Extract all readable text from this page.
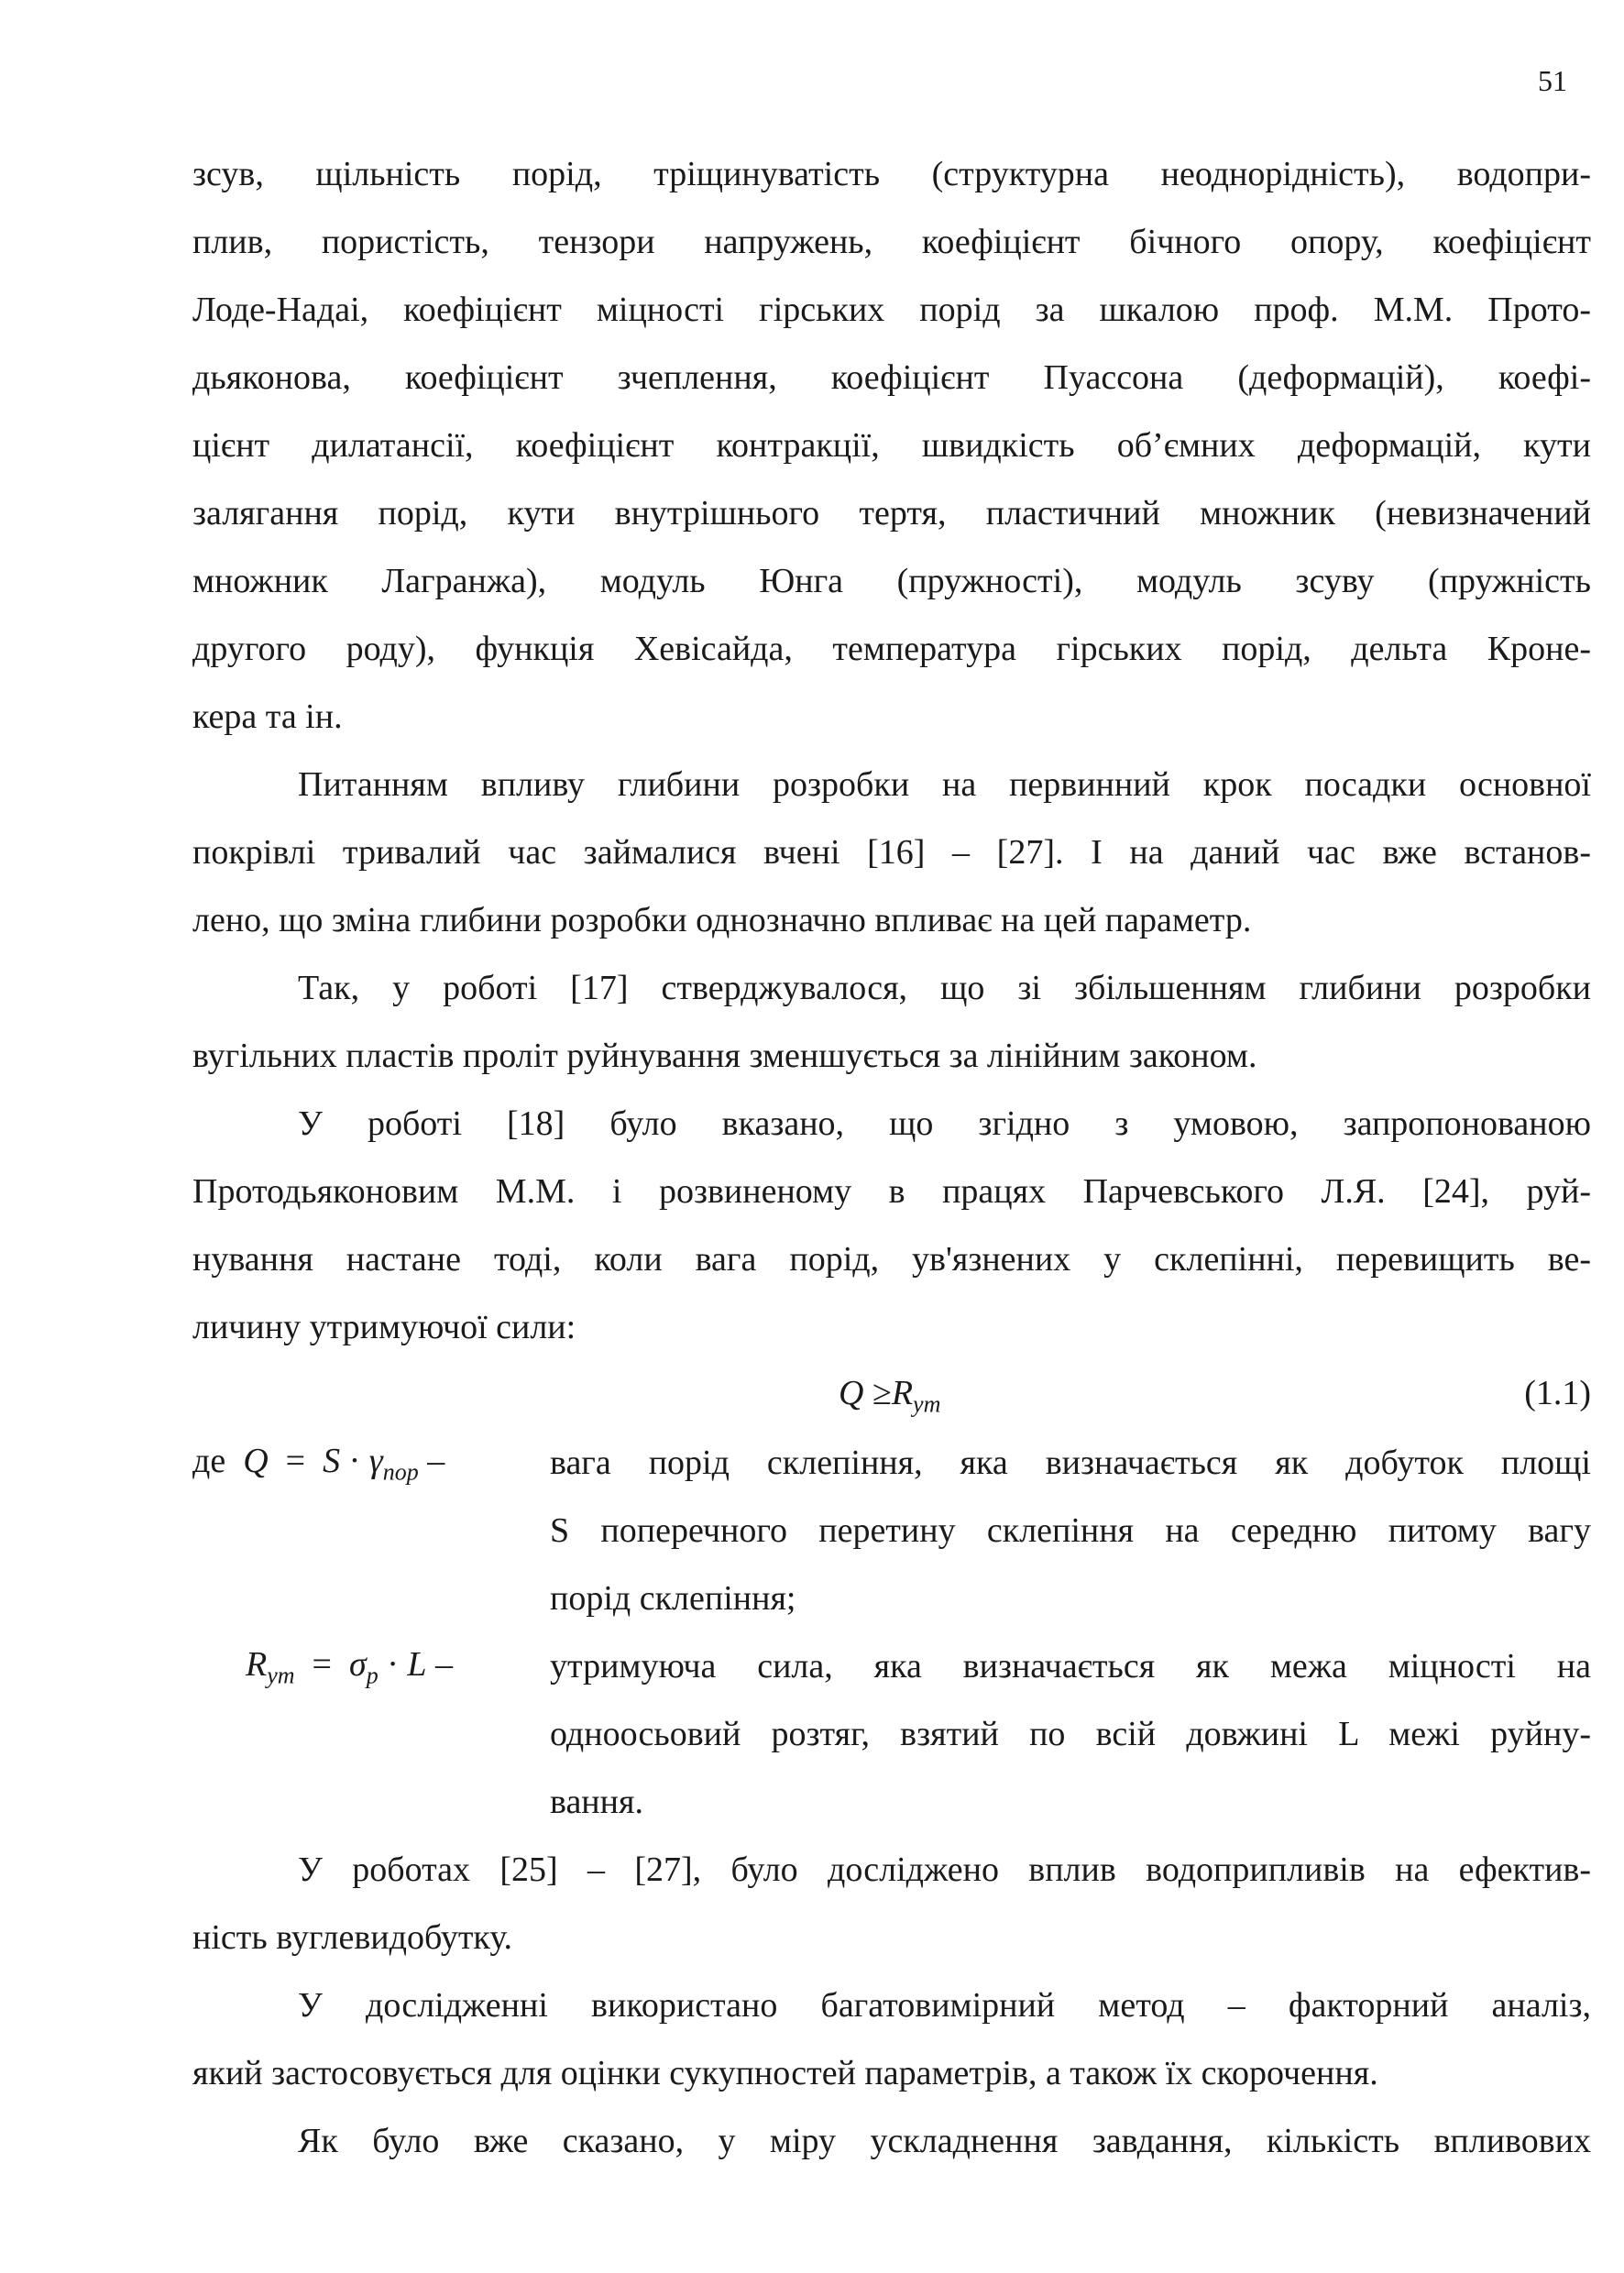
51
зсув, щільність порід, тріщинуватість (структурна неоднорідність), водопри-
плив, пористість, тензори напружень, коефіцієнт бічного опору, коефіцієнт
Лоде-Надаі, коефіцієнт міцності гірських порід за шкалою проф. М.М. Прото-
дьяконова, коефіцієнт зчеплення, коефіцієнт Пуассона (деформацій), коефі-
цієнт дилатансії, коефіцієнт контракції, швидкість об’ємних деформацій, кути
залягання порід, кути внутрішнього тертя, пластичний множник (невизначений
множник Лагранжа), модуль Юнга (пружності), модуль зсуву (пружність
другого роду), функція Хевісайда, температура гірських порід, дельта Кроне-
кера та ін.
Питанням впливу глибини розробки на первинний крок посадки основної
покрівлі тривалий час займалися вчені [16] – [27]. І на даний час вже встанов-
лено, що зміна глибини розробки однозначно впливає на цей параметр.
Так, у роботі [17] стверджувалося, що зі збільшенням глибини розробки
вугільних пластів проліт руйнування зменшується за лінійним законом.
У роботі [18] було вказано, що згідно з умовою, запропонованою
Протодьяконовим М.М. і розвиненому в працях Парчевського Л.Я. [24], руй-
нування настане тоді, коли вага порід, ув'язнених у склепінні, перевищить ве-
личину утримуючої сили:
$Q \ge R_{ут}$	(1.1)
де $Q = S \cdot \gamma_{пор}$ –	вага порід склепіння, яка визначається як добуток площі
S поперечного перетину склепіння на середню питому вагу
порід склепіння;
$R_{ут} = \sigma_р \cdot L$ –	утримуюча сила, яка визначається як межа міцності на
одноосьовий розтяг, взятий по всій довжині L межі руйну-
вання.
У роботах [25] – [27], було досліджено вплив водоприпливів на ефектив-
ність вуглевидобутку.
У дослідженні використано багатовимірний метод – факторний аналіз,
який застосовується для оцінки сукупностей параметрів, а також їх скорочення.
Як було вже сказано, у міру ускладнення завдання, кількість впливових
